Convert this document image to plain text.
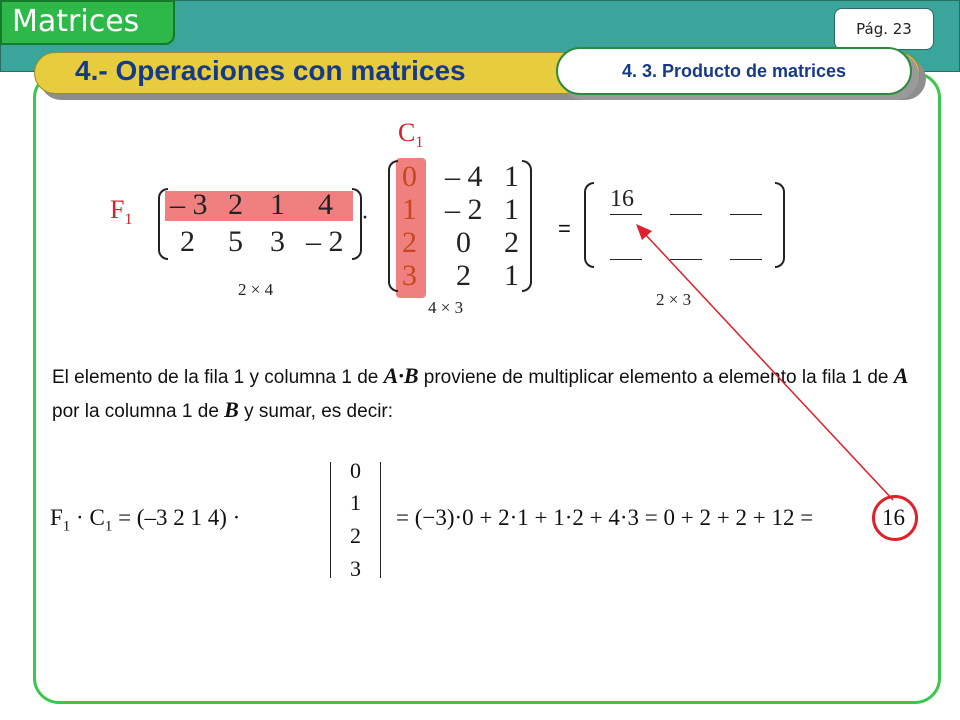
Matrices	Pág. 23
4.- Operaciones con matrices	4. 3. Producto de matrices
$F_1$
$C_1$
– 3 2 1 4
2 5 3 – 2
2 × 4
·
0 – 4 1
1 – 2 1
2 0 2
3 2 1
4 × 3
=
16
2 × 3
El elemento de la fila 1 y columna 1 de A·B proviene de multiplicar elemento a elemento la fila 1 de A por la columna 1 de B y sumar, es decir:
$F_1 \cdot C_1 = (-3$ 2 1 4) ·
0
1
2
3
= (−3)·0 + 2·1 + 1·2 + 4·3 = 0 + 2 + 2 + 12 =	16
